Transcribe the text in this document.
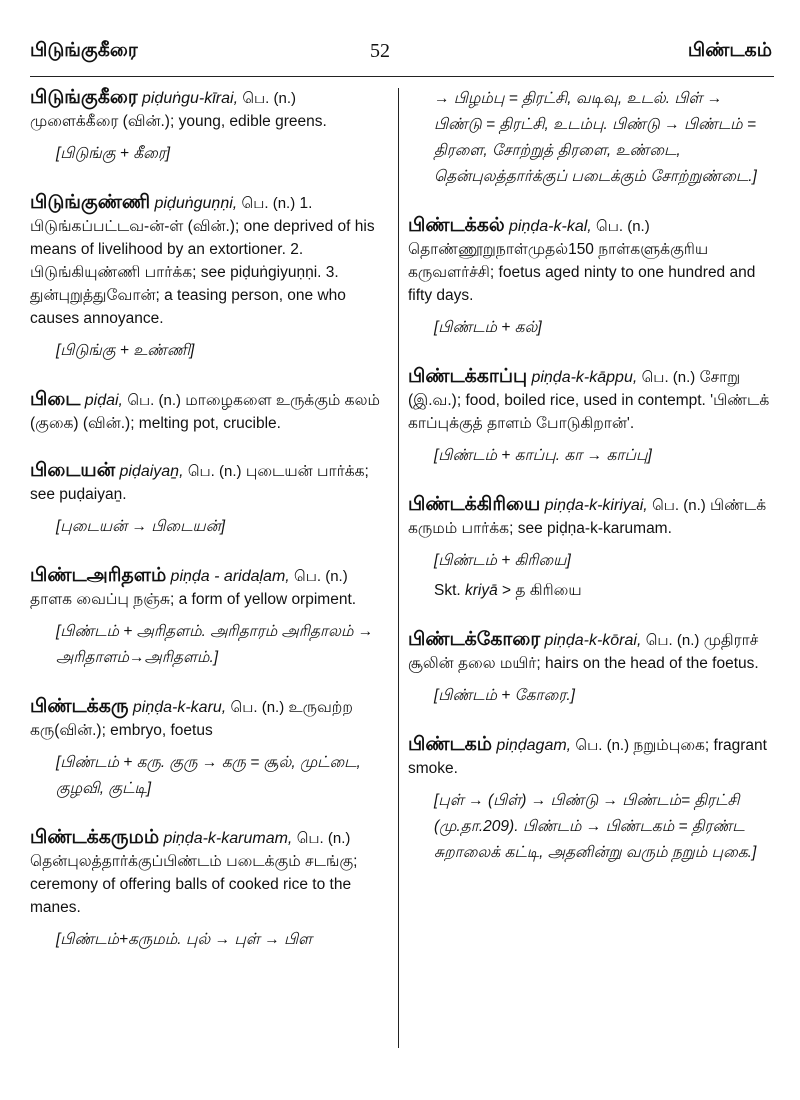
பிடுங்குகீரை	52	பிண்டகம்

பிடுங்குகீரை piḍuṅgu-kīrai, பெ. (n.) முளைக்கீரை (வின்.); young, edible greens.

[பிடுங்கு + கீரை]

பிடுங்குண்ணி piḍuṅguṇṇi, பெ. (n.) 1. பிடுங்கப்பட்டவ-ன்-ள் (வின்.); one deprived of his means of livelihood by an extortioner. 2. பிடுங்கியுண்ணி பார்க்க; see piḍuṅgiyuṇṇi. 3. துன்புறுத்துவோன்; a teasing person, one who causes annoyance.

[பிடுங்கு + உண்ணி]

பிடை piḍai, பெ. (n.) மாழைகளை உருக்கும் கலம் (குகை) (வின்.); melting pot, crucible.

பிடையன் piḍaiyaṉ, பெ. (n.) புடையன் பார்க்க; see puḍaiyaṉ.

[புடையன் → பிடையன்]

பிண்டஅரிதளம் piṇḍa - aridaḷam, பெ. (n.) தாளக வைப்பு நஞ்சு; a form of yellow orpiment.

[பிண்டம் + அரிதளம். அரிதாரம் அரிதாலம் → அரிதாளம்→அரிதளம்.]

பிண்டக்கரு piṇḍa-k-karu, பெ. (n.) உருவற்ற கரு(வின்.); embryo, foetus

[பிண்டம் + கரு. குரு → கரு = சூல், முட்டை, குழவி, குட்டி]

பிண்டக்கருமம் piṇḍa-k-karumam, பெ. (n.) தென்புலத்தார்க்குப்பிண்டம் படைக்கும் சடங்கு; ceremony of offering balls of cooked rice to the manes.

[பிண்டம்+கருமம். புல் → புள் → பிள
→ பிழம்பு = திரட்சி, வடிவு, உடல். பிள் → பிண்டு = திரட்சி, உடம்பு. பிண்டு → பிண்டம் = திரளை, சோற்றுத் திரளை, உண்டை, தென்புலத்தார்க்குப் படைக்கும் சோற்றுண்டை.]

பிண்டக்கல் piṇḍa-k-kal, பெ. (n.) தொண்ணூறுநாள்முதல்150 நாள்களுக்குரிய கருவளர்ச்சி; foetus aged ninty to one hundred and fifty days.

[பிண்டம் + கல்]

பிண்டக்காப்பு piṇḍa-k-kāppu, பெ. (n.) சோறு (இ.வ.); food, boiled rice, used in contempt. 'பிண்டக் காப்புக்குத் தாளம் போடுகிறான்'.

[பிண்டம் + காப்பு. கா → காப்பு]

பிண்டக்கிரியை piṇḍa-k-kiriyai, பெ. (n.) பிண்டக் கருமம் பார்க்க; see piḍṇa-k-karumam.

[பிண்டம் + கிரியை]
Skt. kriyā > த கிரியை

பிண்டக்கோரை piṇḍa-k-kōrai, பெ. (n.) முதிராச் சூலின் தலை மயிர்; hairs on the head of the foetus.

[பிண்டம் + கோரை.]

பிண்டகம் piṇḍagam, பெ. (n.) நறும்புகை; fragrant smoke.

[புள் → (பிள்) → பிண்டு → பிண்டம்= திரட்சி (மு.தா.209). பிண்டம் → பிண்டகம் = திரண்ட சுறாலைக் கட்டி, அதனின்று வரும் நறும் புகை.]
